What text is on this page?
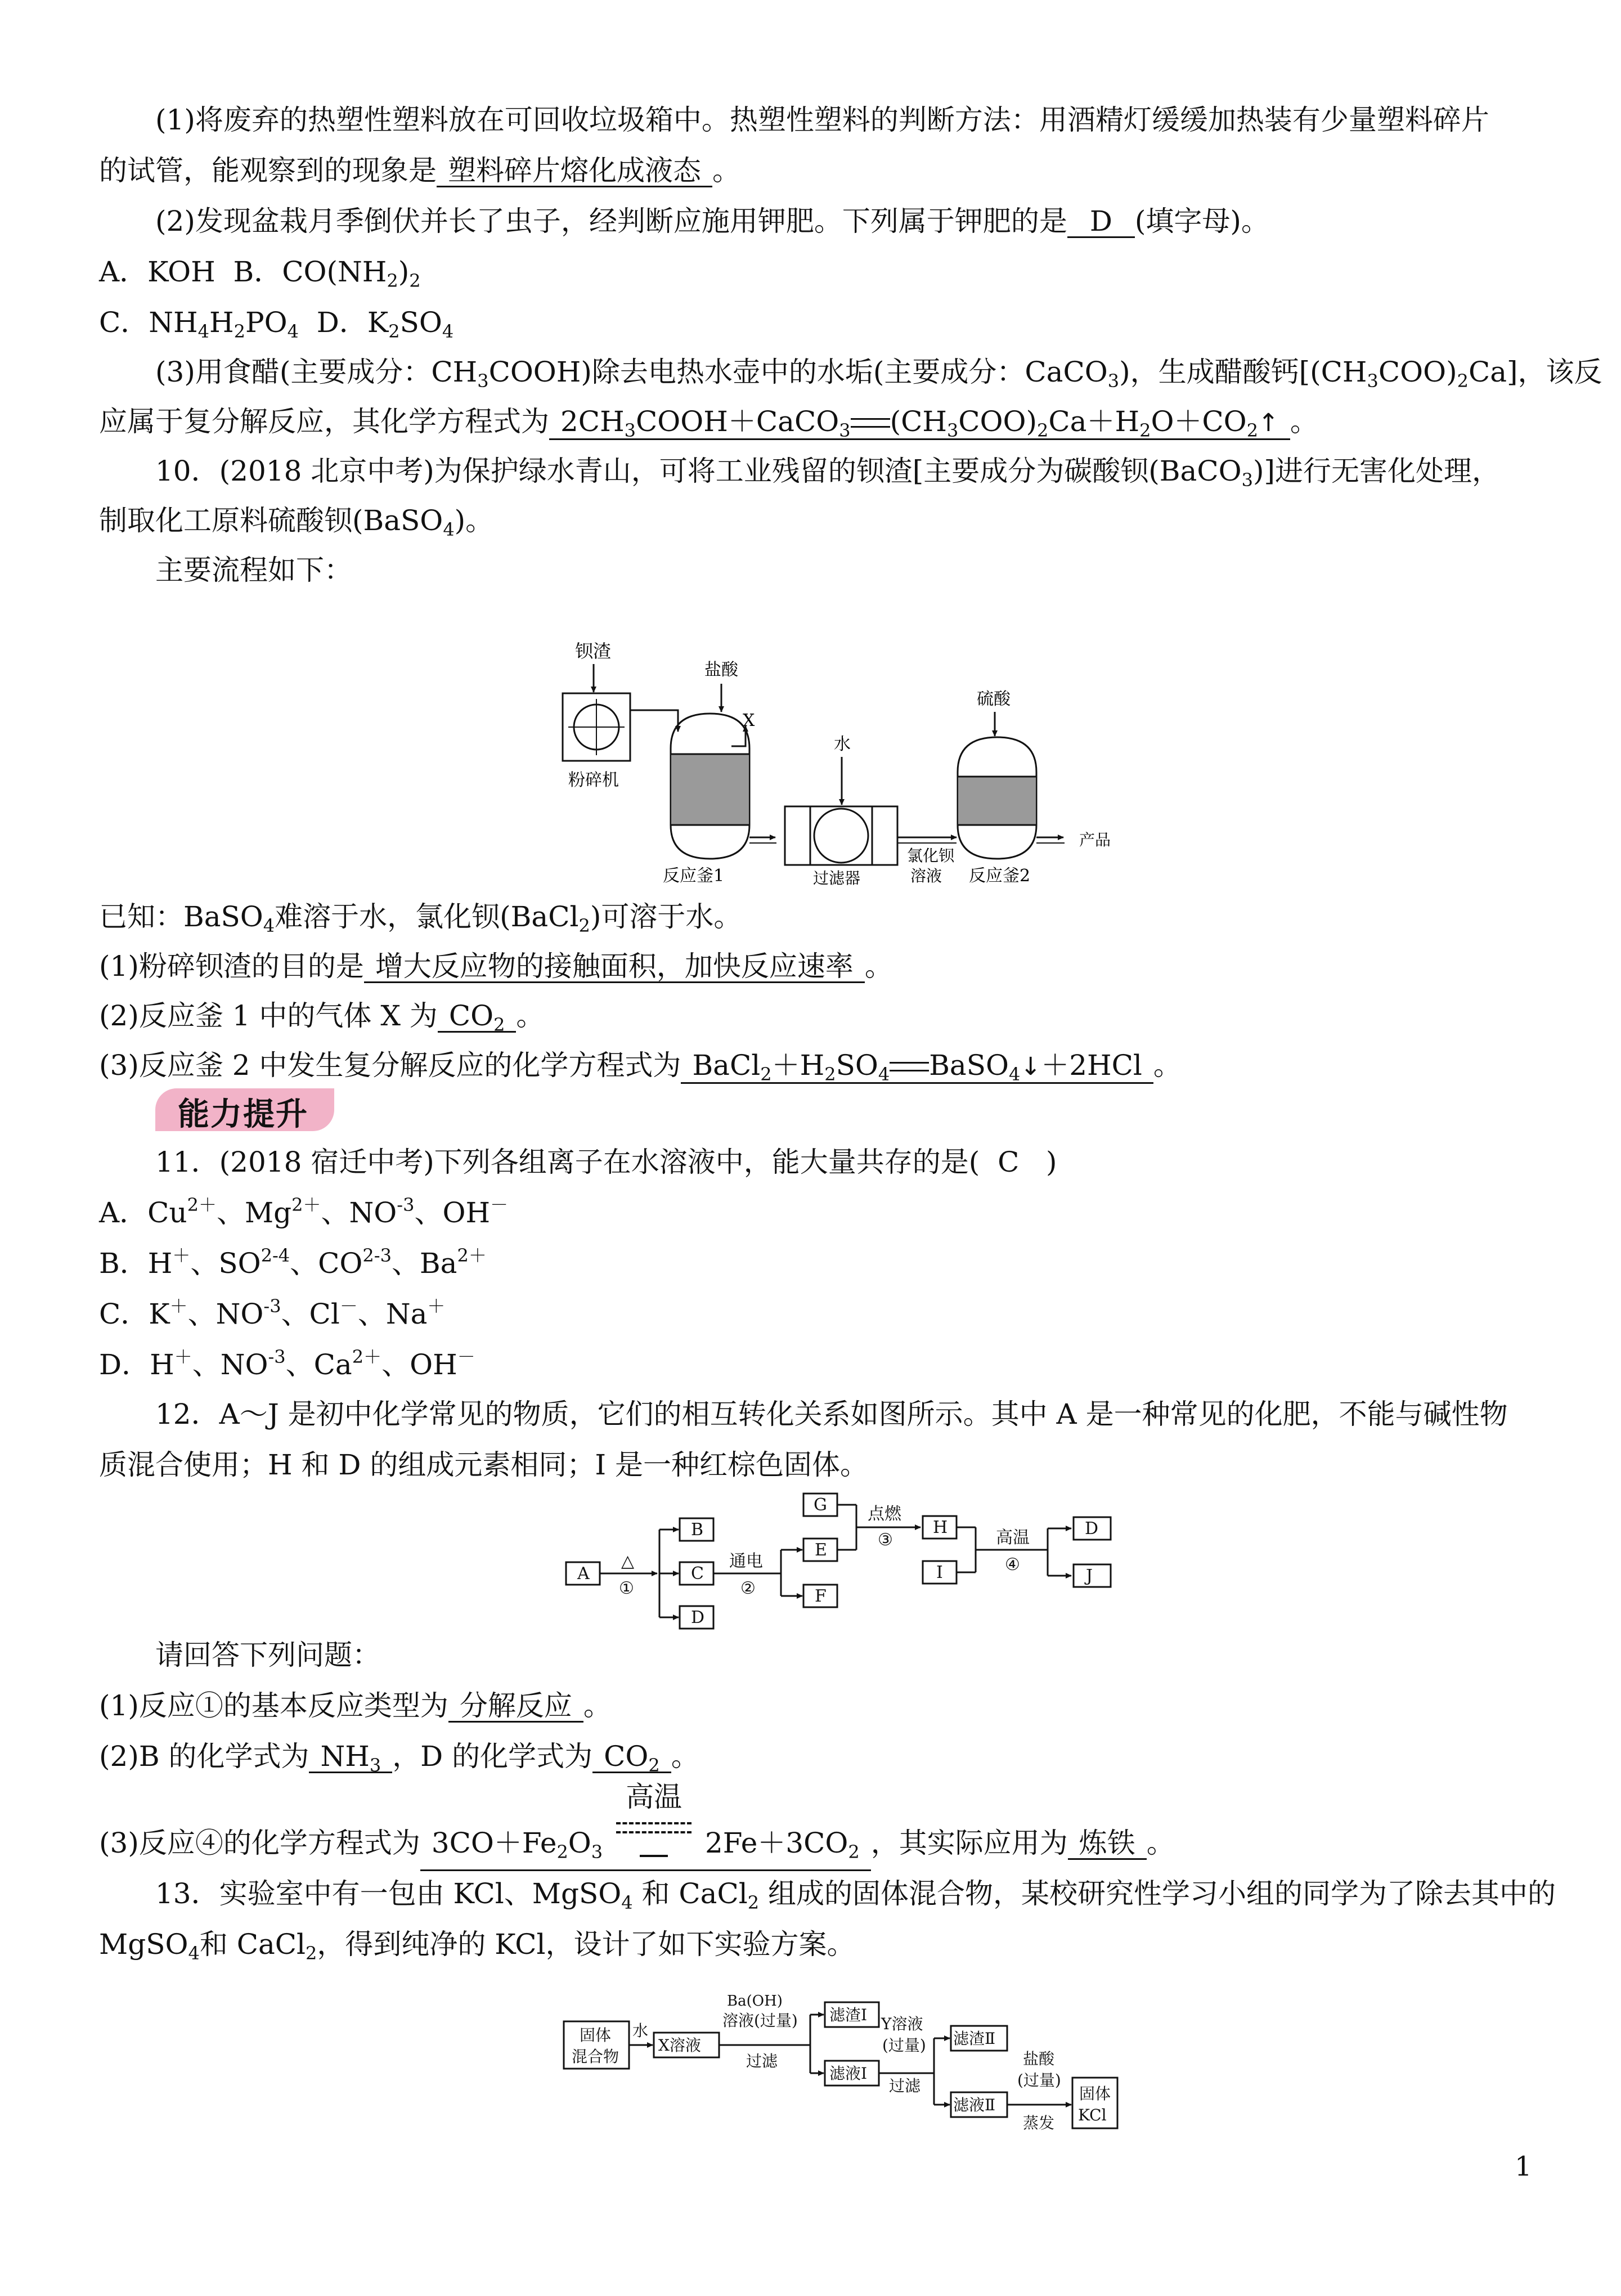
(1)将废弃的热塑性塑料放在可回收垃圾箱中。热塑性塑料的判断方法：用酒精灯缓缓加热装有少量塑料碎片
的试管，能观察到的现象是 塑料碎片熔化成液态 。
(2)发现盆栽月季倒伏并长了虫子，经判断应施用钾肥。下列属于钾肥的是 D (填字母)。
A．KOH B．$CO(NH_2)_2$
C．$NH_4H_2PO_4$ D．$K_2SO_4$
(3)用食醋(主要成分：$CH_3COOH$)除去电热水壶中的水垢(主要成分：CaCO$_3$)，生成醋酸钙$[(CH_3COO)_2Ca]$，该反
应属于复分解反应，其化学方程式为 $2CH_3COOH+CaCO_3$ $(CH_3COO)_2Ca+H_2O+CO_2↑$ 。
10．(2018 北京中考)为保护绿水青山，可将工业残留的钡渣[主要成分为碳酸钡(BaCO$_3$)]进行无害化处理，
制取化工原料硫酸钡(BaSO$_4$)。
主要流程如下：
钡渣
粉碎机
盐酸
X
反应釜1
水
过滤器
氯化钡
溶液
硫酸
反应釜2
产品
A
B
C
D
E
F
G
H
I
D
J
△
①
通电
②
点燃
③	高温
④
固体
混合物
水
X溶液
Ba(OH)
溶液(过量)
过滤
滤渣Ⅰ
滤液Ⅰ
Y溶液
(过量)
过滤
滤渣Ⅱ
滤液Ⅱ
盐酸
(过量)
蒸发
固体
KCl
已知：BaSO$_4$难溶于水，氯化钡(BaCl$_2$)可溶于水。
(1)粉碎钡渣的目的是 增大反应物的接触面积，加快反应速率 。
(2)反应釜 1 中的气体 X 为 $CO_2$ 。
(3)反应釜 2 中发生复分解反应的化学方程式为 $BaCl_2+H_2SO_4$ BaSO$_4$↓＋2HCl 。
能力提升
11．(2018 宿迁中考)下列各组离子在水溶液中，能大量共存的是( C )
A．$Cu^{2+}$、$Mg^{2+}$、$NO^{-3}$、OH－
B．H＋、SO$^{2-4}$、CO$^{2-3}$、$Ba^{2+}$
C．K＋、$NO^{-3}$、Cl－、Na＋
D．H＋、$NO^{-3}$、$Ca^{2+}$、OH－
12．A～J 是初中化学常见的物质，它们的相互转化关系如图所示。其中 A 是一种常见的化肥，不能与碱性物
质混合使用；H 和 D 的组成元素相同；I 是一种红棕色固体。
请回答下列问题：
(1)反应①的基本反应类型为 分解反应 。
(2)B 的化学式为 $NH_3$ ，D 的化学式为 $CO_2$ 。
(3)反应④的化学方程式为 $3CO+Fe_2O_3$
高温
$2Fe+3CO_2$ ，其实际应用为 炼铁 。
13．实验室中有一包由 KCl、MgSO$_4$ 和 CaCl$_2$ 组成的固体混合物，某校研究性学习小组的同学为了除去其中的
MgSO$_4$和 CaCl$_2$，得到纯净的 KCl，设计了如下实验方案。
1
